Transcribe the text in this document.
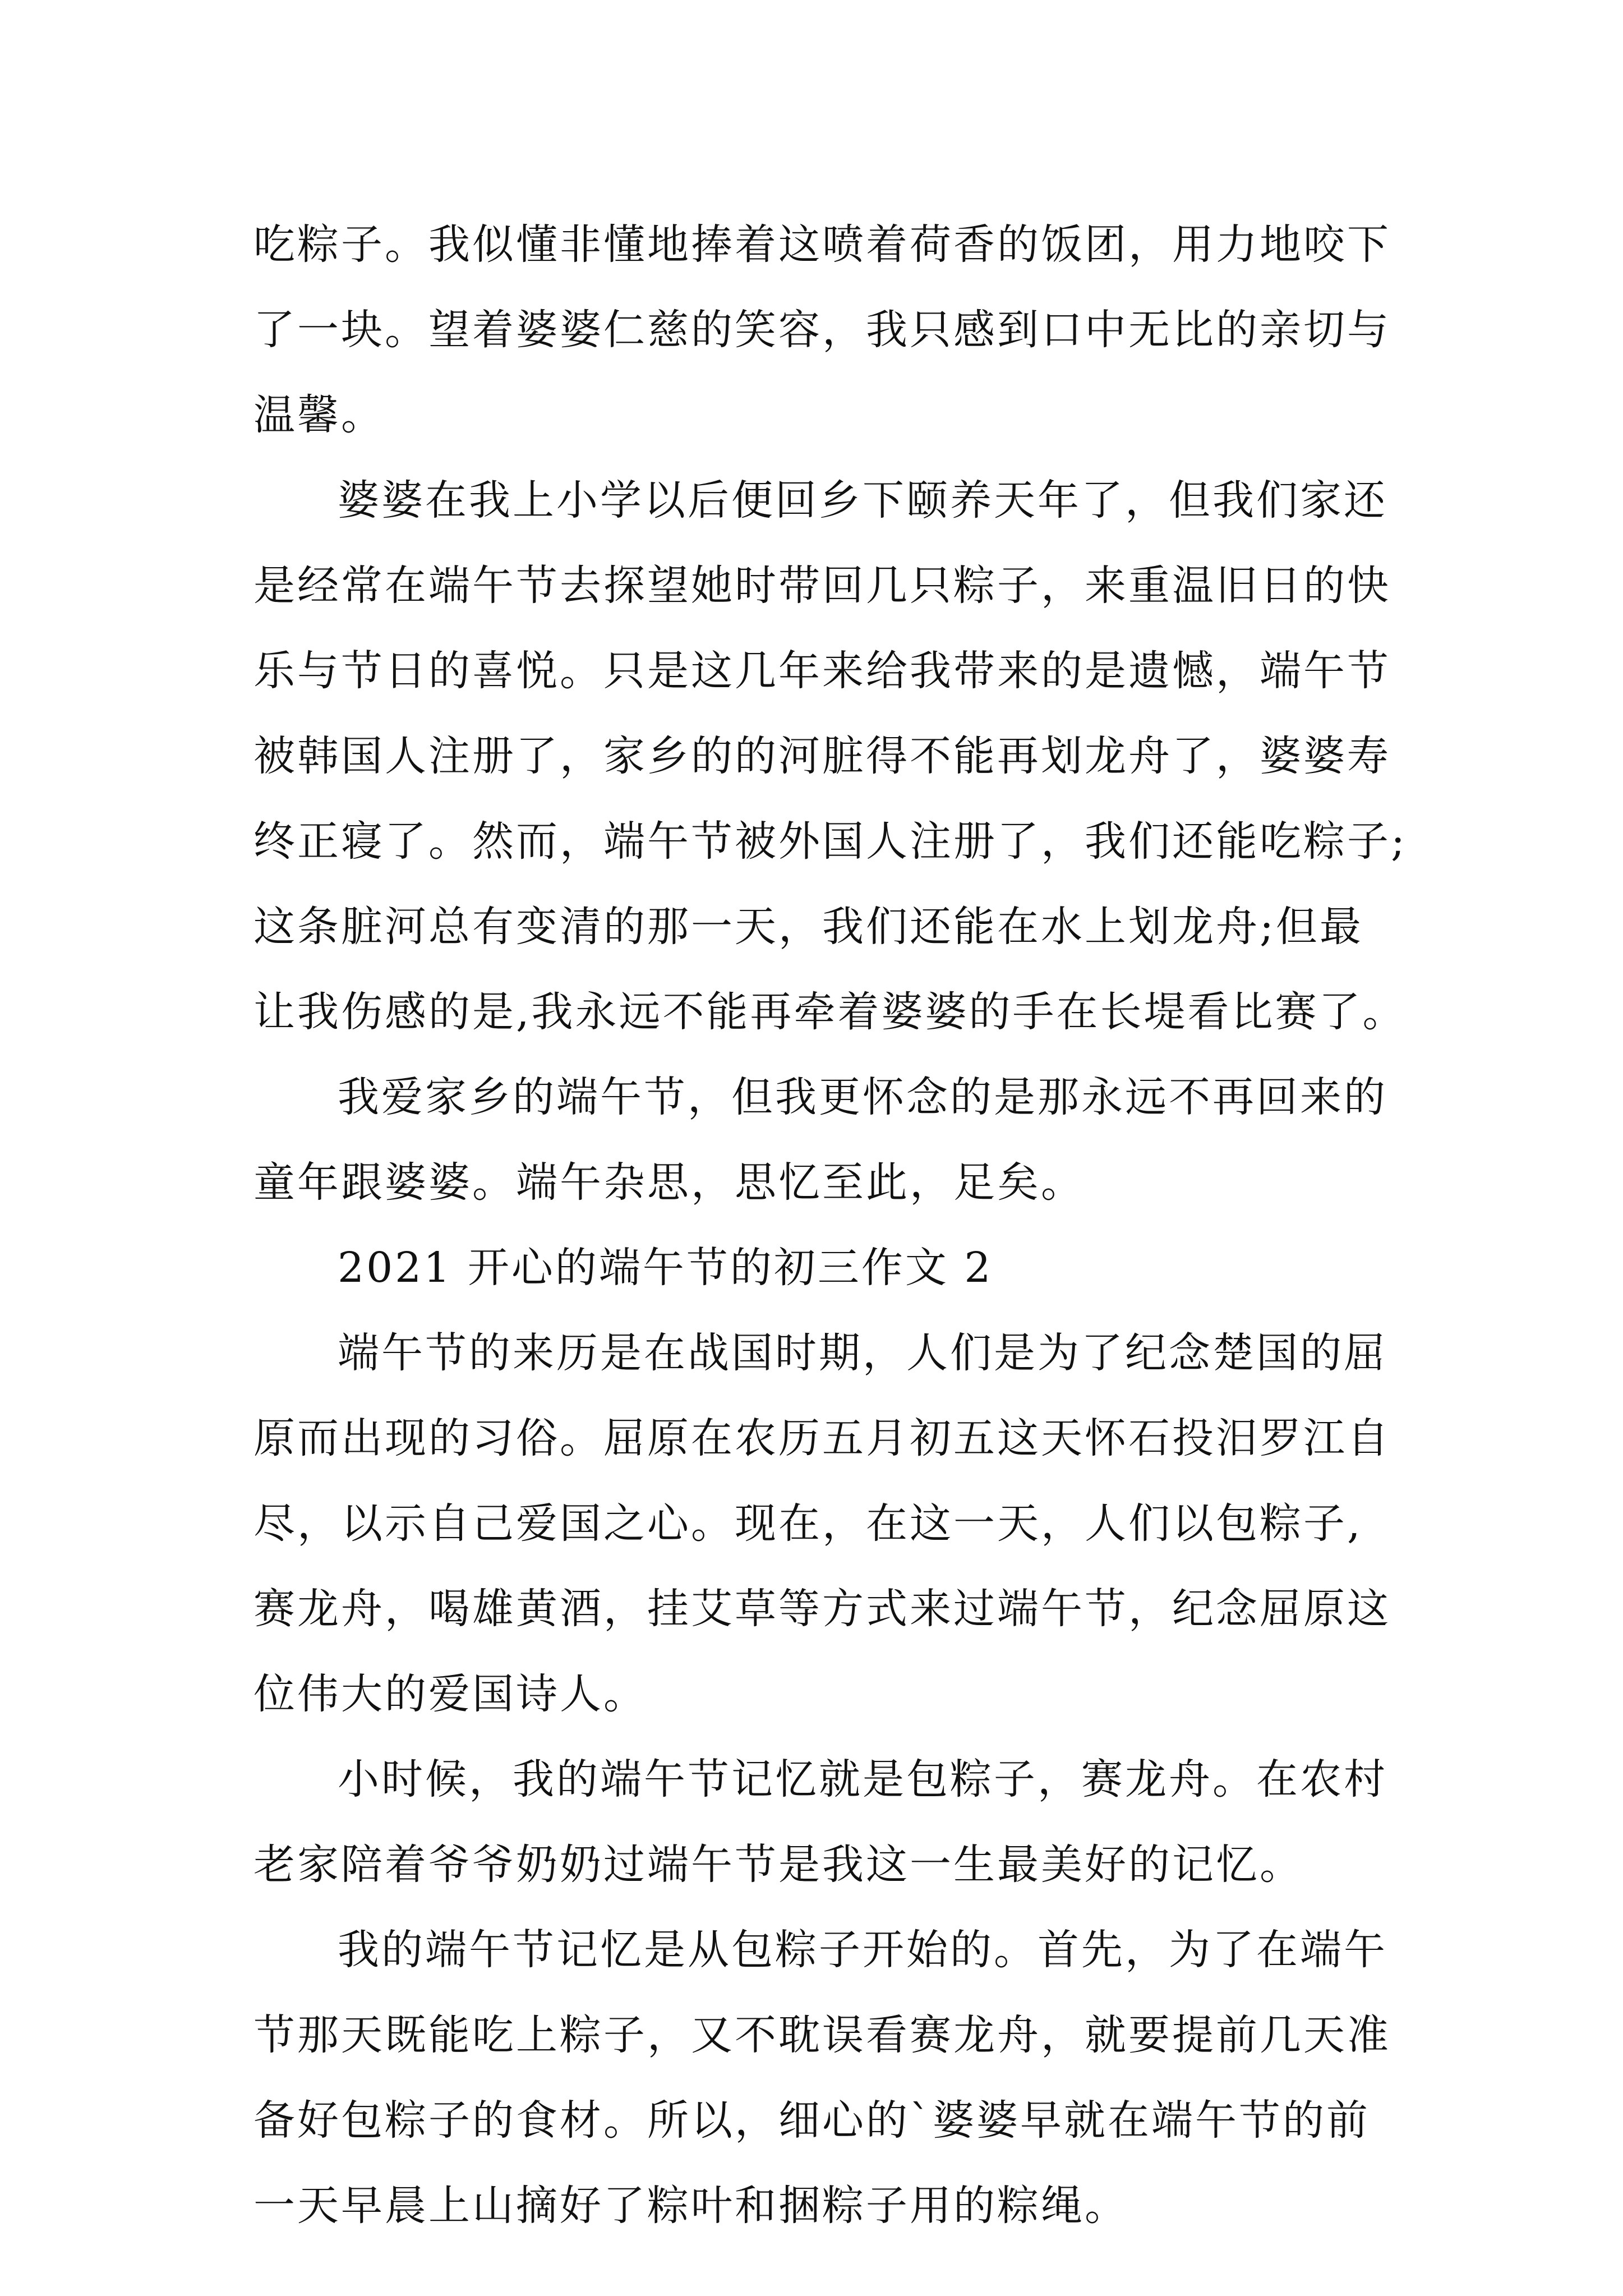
吃粽子。我似懂非懂地捧着这喷着荷香的饭团，用力地咬下
了一块。望着婆婆仁慈的笑容，我只感到口中无比的亲切与
温馨。
婆婆在我上小学以后便回乡下颐养天年了，但我们家还
是经常在端午节去探望她时带回几只粽子，来重温旧日的快
乐与节日的喜悦。只是这几年来给我带来的是遗憾，端午节
被韩国人注册了，家乡的的河脏得不能再划龙舟了，婆婆寿
终正寝了。然而，端午节被外国人注册了，我们还能吃粽子;
这条脏河总有变清的那一天，我们还能在水上划龙舟;但最
让我伤感的是,我永远不能再牵着婆婆的手在长堤看比赛了。
我爱家乡的端午节，但我更怀念的是那永远不再回来的
童年跟婆婆。端午杂思，思忆至此，足矣。
2021 开心的端午节的初三作文 2
端午节的来历是在战国时期，人们是为了纪念楚国的屈
原而出现的习俗。屈原在农历五月初五这天怀石投汨罗江自
尽，以示自己爱国之心。现在，在这一天，人们以包粽子,
赛龙舟，喝雄黄酒，挂艾草等方式来过端午节，纪念屈原这
位伟大的爱国诗人。
小时候，我的端午节记忆就是包粽子，赛龙舟。在农村
老家陪着爷爷奶奶过端午节是我这一生最美好的记忆。
我的端午节记忆是从包粽子开始的。首先，为了在端午
节那天既能吃上粽子，又不耽误看赛龙舟，就要提前几天准
备好包粽子的食材。所以，细心的`婆婆早就在端午节的前
一天早晨上山摘好了粽叶和捆粽子用的粽绳。
